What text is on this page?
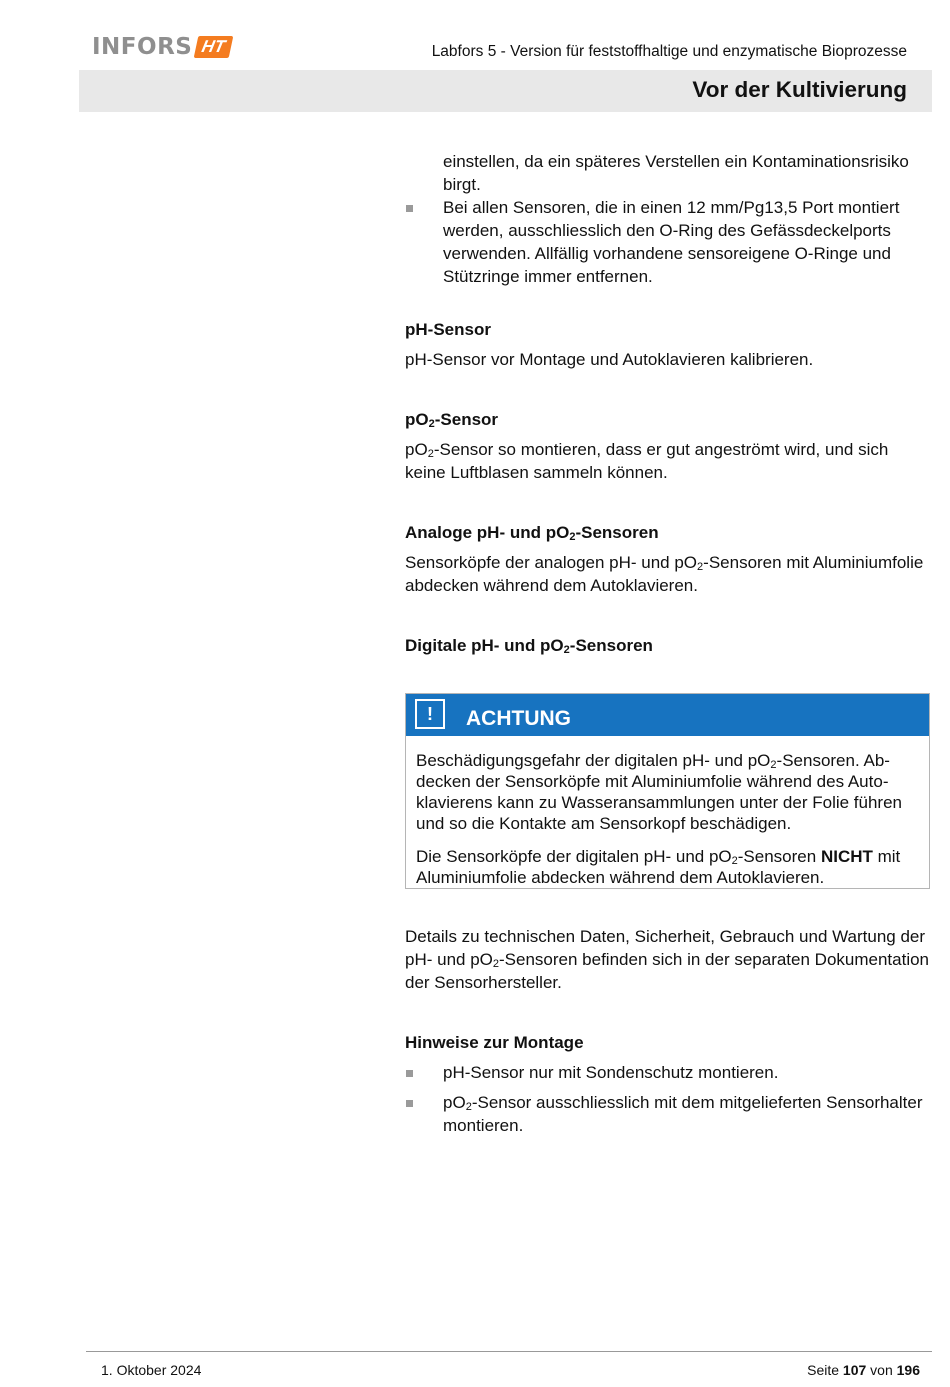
INFORS HT	Labfors 5 - Version für feststoffhaltige und enzymatische Bioprozesse
Vor der Kultivierung

einstellen, da ein späteres Verstellen ein Kontaminationsrisiko birgt.

Bei allen Sensoren, die in einen 12 mm/Pg13,5 Port montiert werden, ausschliesslich den O-Ring des Gefässdeckelports verwenden. Allfällig vorhandene sensoreigene O-Ringe und Stützringe immer entfernen.
pH-Sensor

pH-Sensor vor Montage und Autoklavieren kalibrieren.

$pO_2$-Sensor

$pO_2$-Sensor so montieren, dass er gut angeströmt wird, und sich keine Luftblasen sammeln können.

Analoge pH- und $pO_2$-Sensoren

Sensorköpfe der analogen pH- und $pO_2$-Sensoren mit Aluminiumfolie abdecken während dem Autoklavieren.

Digitale pH- und $pO_2$-Sensoren
!	ACHTUNG

Beschädigungsgefahr der digitalen pH- und $pO_2$-Sensoren. Abdecken der Sensorköpfe mit Aluminiumfolie während des Autoklavierens kann zu Wasseransammlungen unter der Folie führen und so die Kontakte am Sensorkopf beschädigen.

Die Sensorköpfe der digitalen pH- und $pO_2$-Sensoren NICHT mit Aluminiumfolie abdecken während dem Autoklavieren.

Details zu technischen Daten, Sicherheit, Gebrauch und Wartung der pH- und $pO_2$-Sensoren befinden sich in der separaten Dokumentation der Sensorhersteller.

Hinweise zur Montage
pH-Sensor nur mit Sondenschutz montieren.
$pO_2$-Sensor ausschliesslich mit dem mitgelieferten Sensorhalter montieren.
1. Oktober 2024	Seite 107 von 196
